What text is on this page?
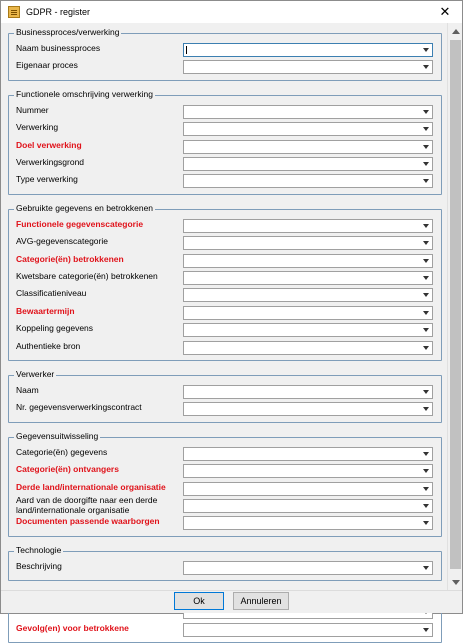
GDPR - register	✕
Businessproces/verwerking
Naam businessproces
Eigenaar proces
Functionele omschrijving verwerking
Nummer
Verwerking
Doel verwerking
Verwerkingsgrond
Type verwerking
Gebruikte gegevens en betrokkenen
Functionele gegevenscategorie
AVG-gegevenscategorie
Categorie(ën) betrokkenen
Kwetsbare categorie(ën) betrokkenen
Classificatieniveau
Bewaartermijn
Koppeling gegevens
Authentieke bron
Verwerker
Naam
Nr. gegevensverwerkingscontract
Gegevensuitwisseling
Categorie(ën) gegevens
Categorie(ën) ontvangers
Derde land/internationale organisatie
Aard van de doorgifte naar een derde land/internationale organisatie
Documenten passende waarborgen
Technologie
Beschrijving
Gevolg(en) voor betrokkene
Ok	Annuleren
